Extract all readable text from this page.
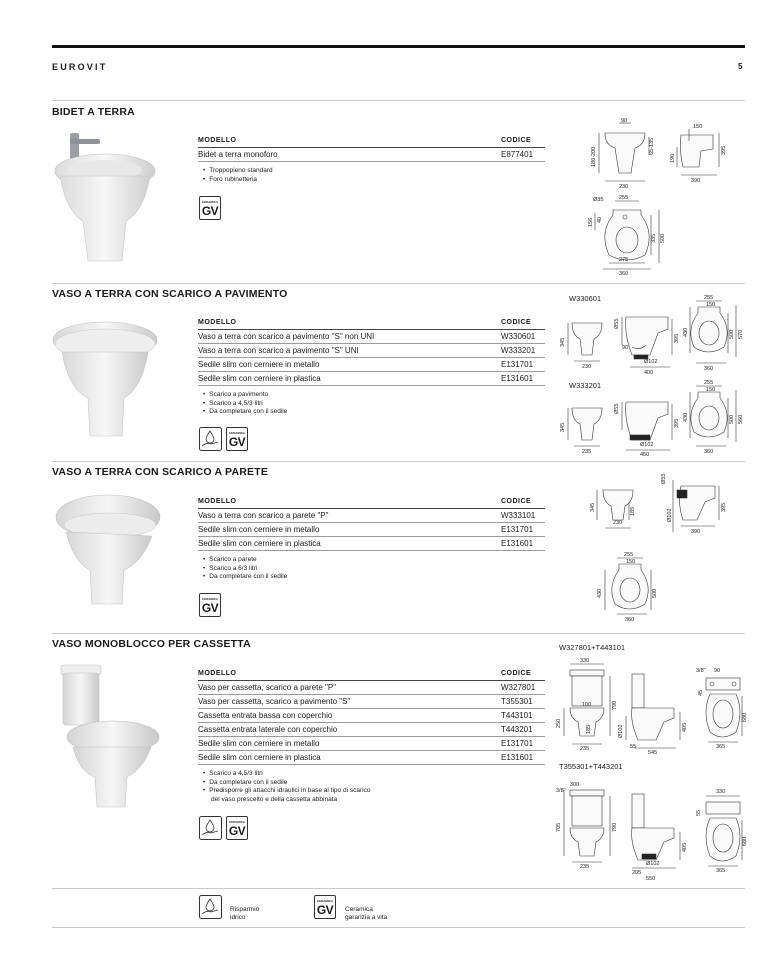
EUROVIT	5
BIDET A TERRA
MODELLO	CODICE
Bidet a terra monoforo	E877401
• Troppopieno standard
• Foro rubinetteria
CERAMICA
GV
90
180-200
65-135
230
150
190
395
390
Ø35	255
156 40
335 500
275
360
VASO A TERRA CON SCARICO A PAVIMENTO
MODELLO	CODICE
Vaso a terra con scarico a pavimento "S" non UNI	W330601
Vaso a terra con scarico a pavimento "S" UNI	W333201
Sedile slim con cerniere in metallo	E131701
Sedile slim con cerniere in plastica	E131601
• Scarico a pavimento
• Scarico a 4,5/3 litri
• Da completare con il sedile
CERAMICA
GV
W330601
W333201
345
230
Ø55
90
Ø102
400
395
255
150
430	500 570
360
345
235
Ø55
Ø102
450
395
255
150
430	500 560
360
VASO A TERRA CON SCARICO A PARETE
MODELLO	CODICE
Vaso a terra con scarico a parete "P"	W333101
Sedile slim con cerniere in metallo	E131701
Sedile slim con cerniere in plastica	E131601
• Scarico a parete
• Scarico a 6/3 litri
• Da completare con il sedile
CERAMICA
GV
345	185
230
Ø55
Ø102
395
390
255
150
430	500
360
VASO MONOBLOCCO PER CASSETTA
MODELLO	CODICE
Vaso per cassetta, scarico a parete "P"	W327801
Vaso per cassetta, scarico a pavimento "S"	T355301
Cassetta entrata bassa con coperchio	T443101
Cassetta entrata laterale con coperchio	T443201
Sedile slim con cerniere in metallo	E131701
Sedile slim con cerniere in plastica	E131601
• Scarico a 4,5/3 litri
• Da completare con il sedile
• Predisporre gli attacchi idraulici in base al tipo di scarico
del vaso prescelto e della cassetta abbinata
CERAMICA
GV
W327801+T443101
T355301+T443201
330
100	790
250
185
235
Ø102
55
405
545
3/8" 90
45
680
365
3/8"
300
705	790
235
405
Ø102
205
550
330
55
680
365
Risparmio
idrico
CERAMICA
GV Ceramica
garanzia a vita
